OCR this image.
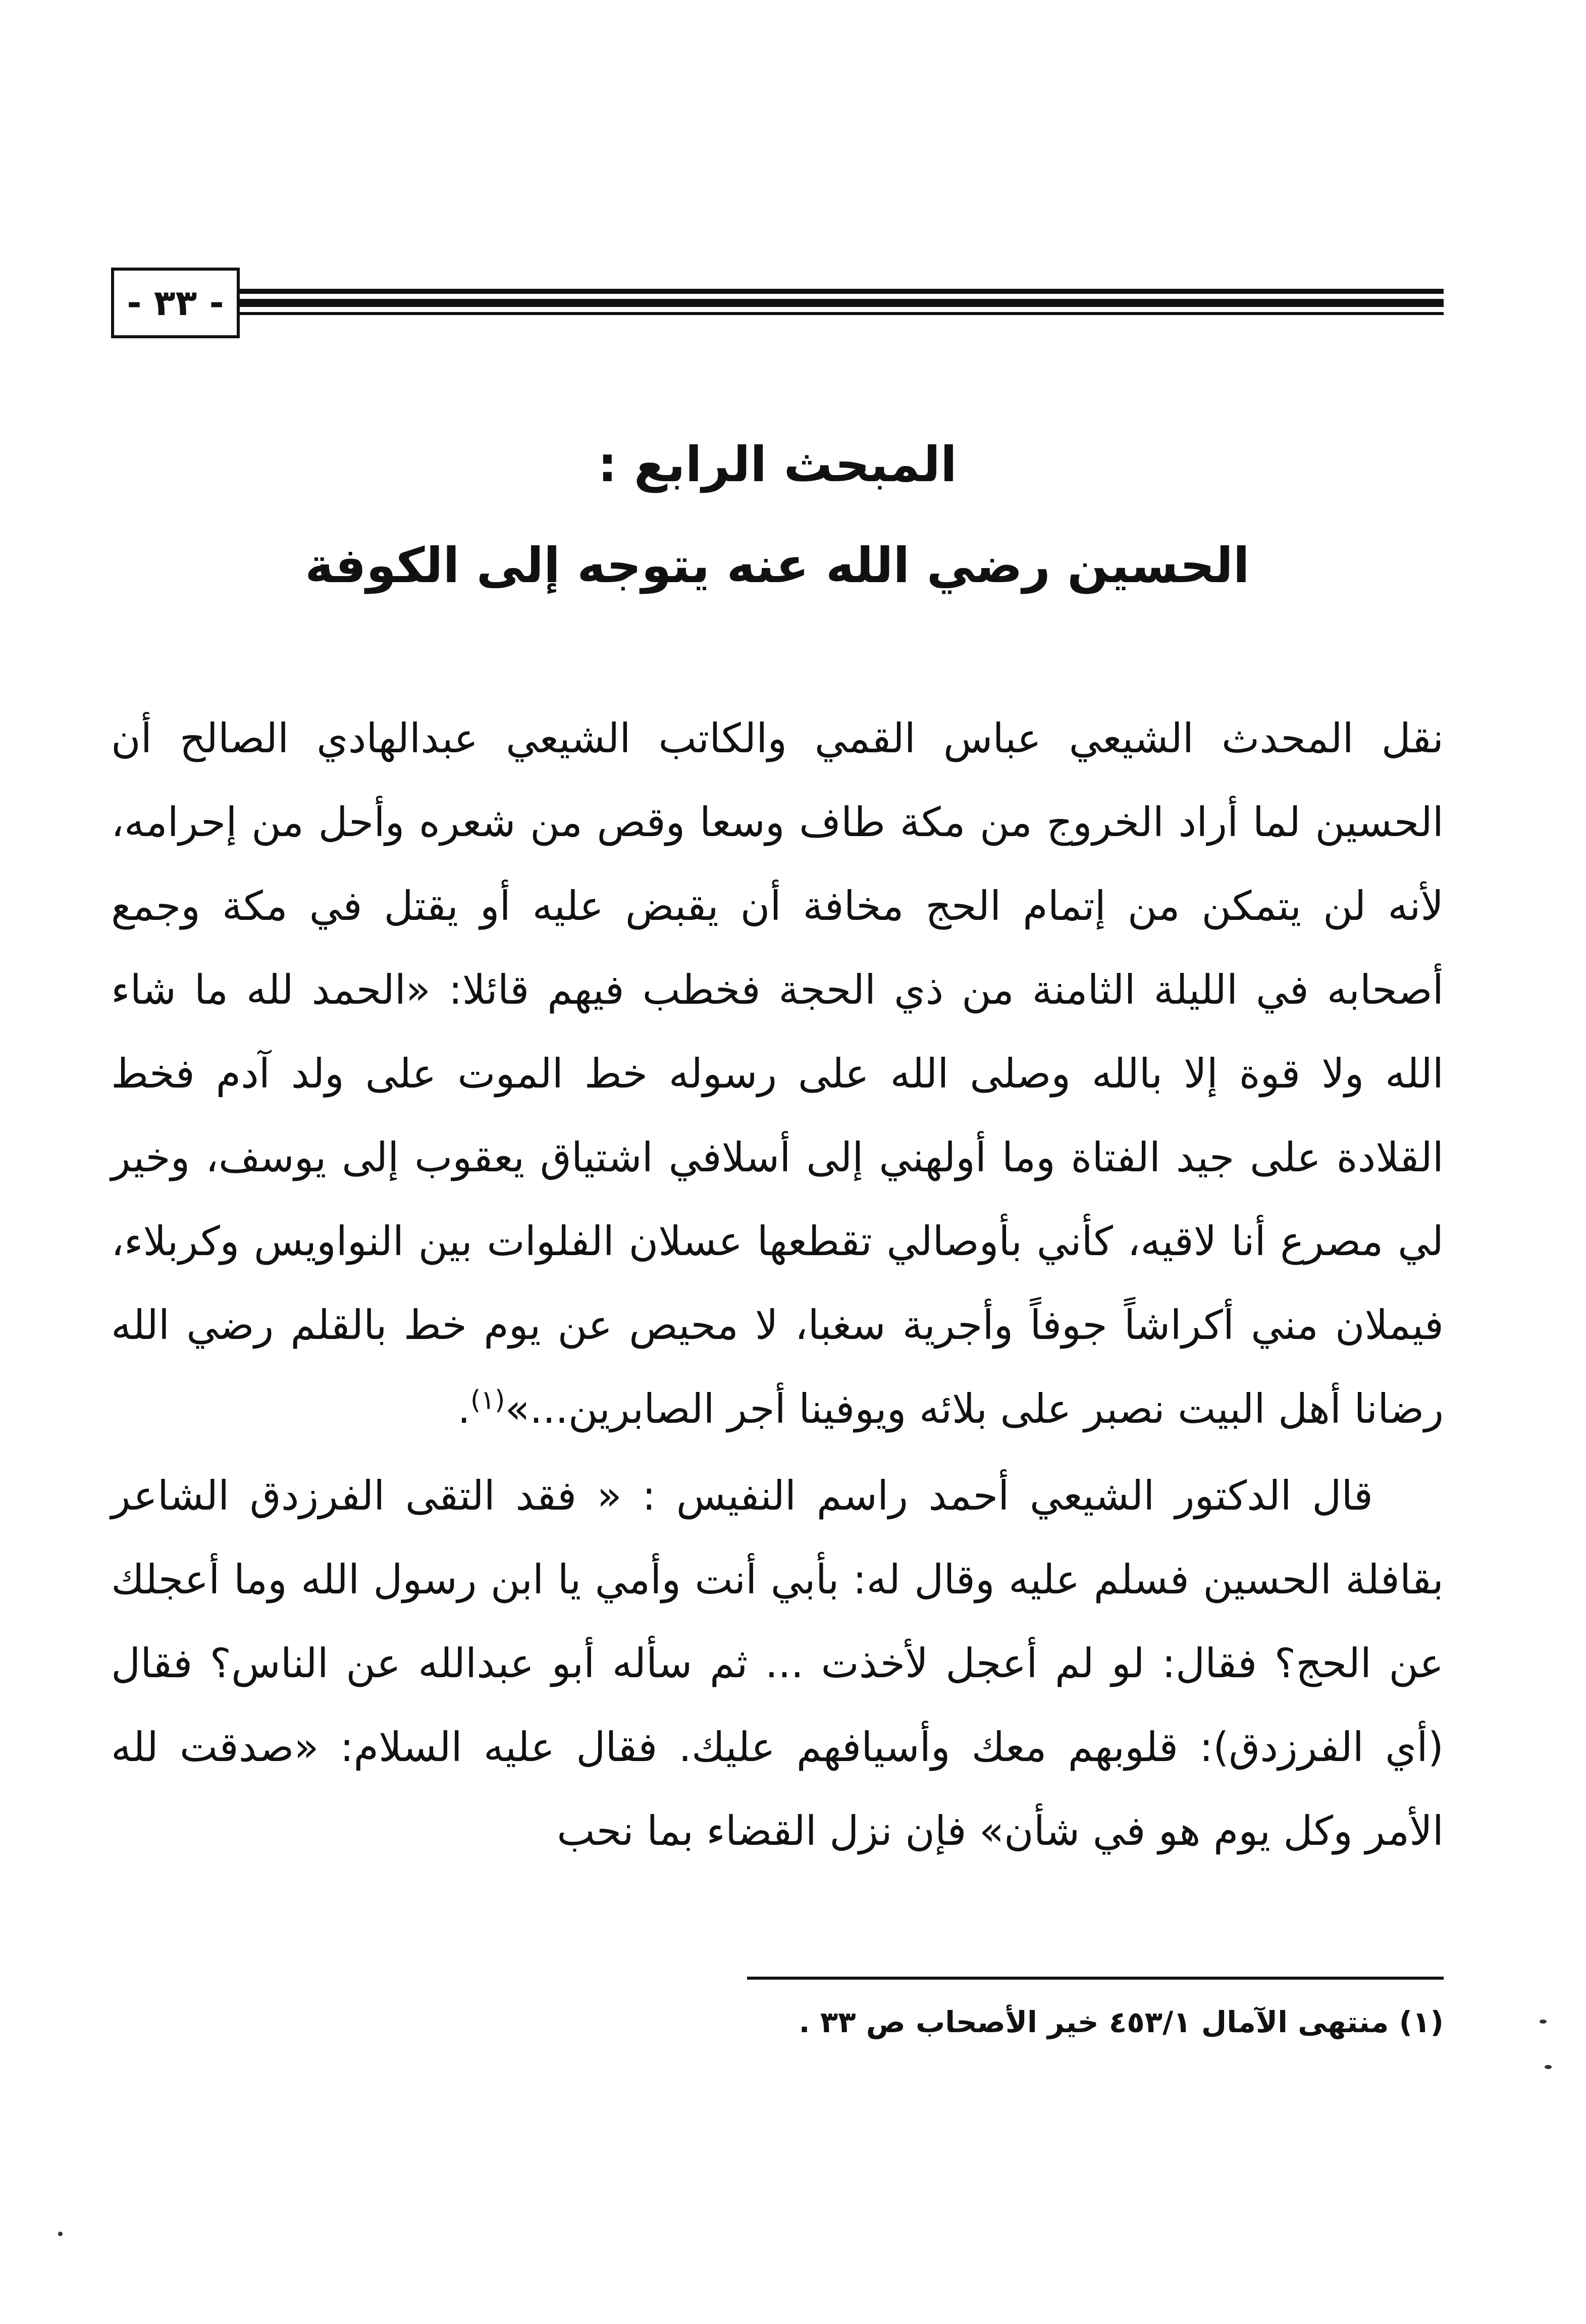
- ٣٣ -
المبحث الرابع :
الحسين رضي الله عنه يتوجه إلى الكوفة

نقل المحدث الشيعي عباس القمي والكاتب الشيعي عبدالهادي الصالح أن الحسين لما أراد الخروج من مكة طاف وسعا وقص من شعره وأحل من إحرامه، لأنه لن يتمكن من إتمام الحج مخافة أن يقبض عليه أو يقتل في مكة وجمع أصحابه في الليلة الثامنة من ذي الحجة فخطب فيهم قائلا: «الحمد لله ما شاء الله ولا قوة إلا بالله وصلى الله على رسوله خط الموت على ولد آدم فخط القلادة على جيد الفتاة وما أولهني إلى أسلافي اشتياق يعقوب إلى يوسف، وخير لي مصرع أنا لاقيه، كأني بأوصالي تقطعها عسلان الفلوات بين النواويس وكربلاء، فيملان مني أكراشاً جوفاً وأجرية سغبا، لا محيص عن يوم خط بالقلم رضي الله رضانا أهل البيت نصبر على بلائه ويوفينا أجر الصابرين...»$^{(١)}$.

قال الدكتور الشيعي أحمد راسم النفيس : « فقد التقى الفرزدق الشاعر بقافلة الحسين فسلم عليه وقال له: بأبي أنت وأمي يا ابن رسول الله وما أعجلك عن الحج؟ فقال: لو لم أعجل لأخذت ... ثم سأله أبو عبدالله عن الناس؟ فقال (أي الفرزدق): قلوبهم معك وأسيافهم عليك. فقال عليه السلام: «صدقت لله الأمر وكل يوم هو في شأن» فإن نزل القضاء بما نحب

(١) منتهى الآمال ٤٥٣/١ خير الأصحاب ص ٣٣ .
